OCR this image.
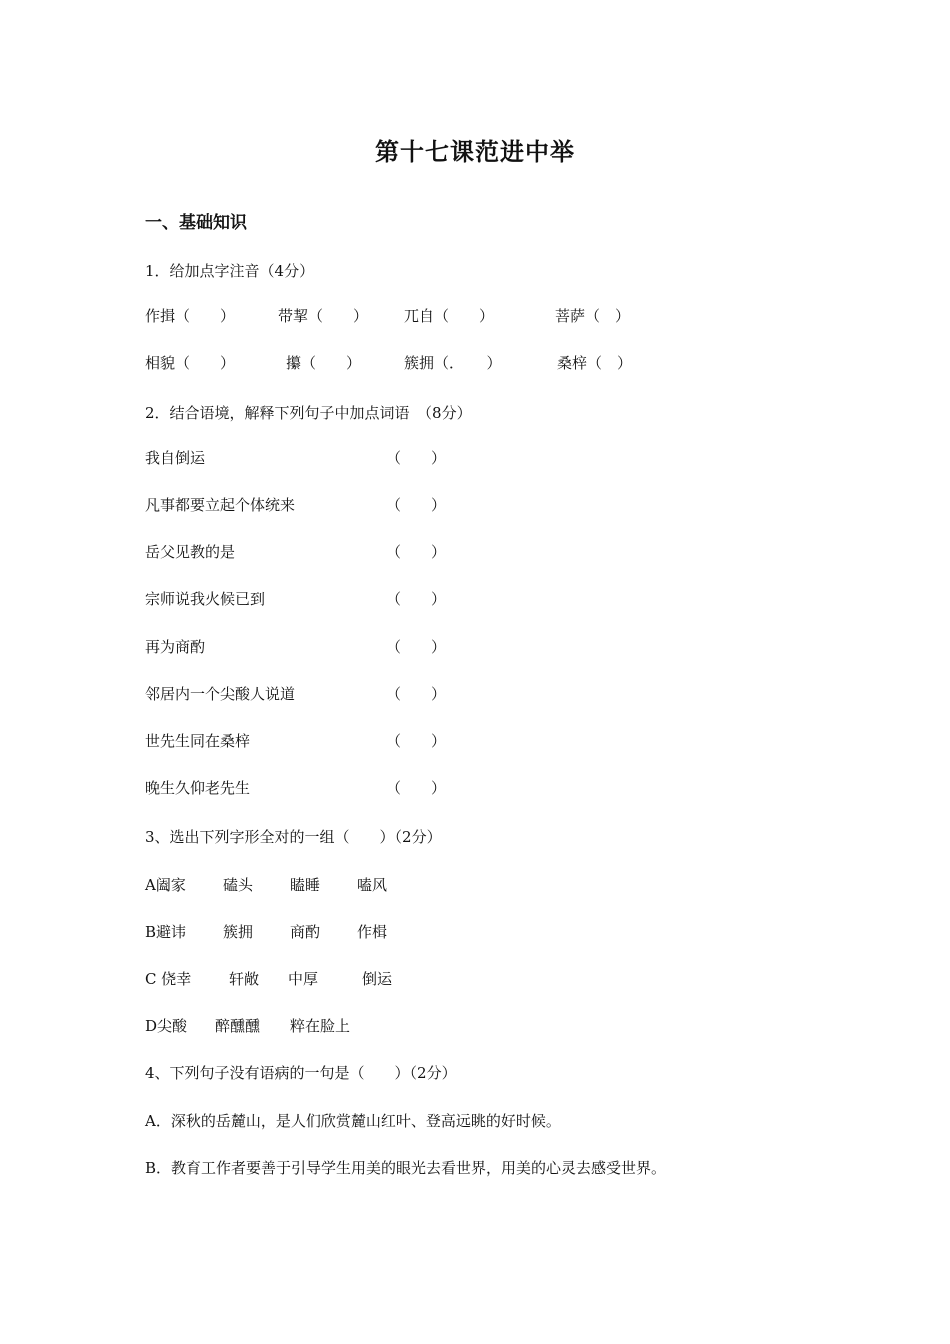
第十七课范进中举
一、基础知识
1．给加点字注音（4分）
作揖（　　）	带挈（　　） 兀自（　　）	菩萨（　）
相貌（　　）	攥（　　）	簇拥（．　　）	桑梓（　）
2．结合语境，解释下列句子中加点词语　（8分）
我自倒运	（　　）
凡事都要立起个体统来	（　　）
岳父见教的是	（　　）
宗师说我火候已到	（　　）
再为商酌	（　　）
邻居内一个尖酸人说道	（　　）
世先生同在桑梓	（　　）
晚生久仰老先生	（　　）
3、选出下列字形全对的一组（　　）（2分）
A阖家 磕头 瞌睡 嗑风
B避讳 簇拥 商酌 作楫
C 侥幸	轩敞 中厚	倒运
D尖酸 醉醺醺 粹在脸上
4、下列句子没有语病的一句是（　　）（2分）
A．深秋的岳麓山，是人们欣赏麓山红叶、登高远眺的好时候。
B．教育工作者要善于引导学生用美的眼光去看世界，用美的心灵去感受世界。
